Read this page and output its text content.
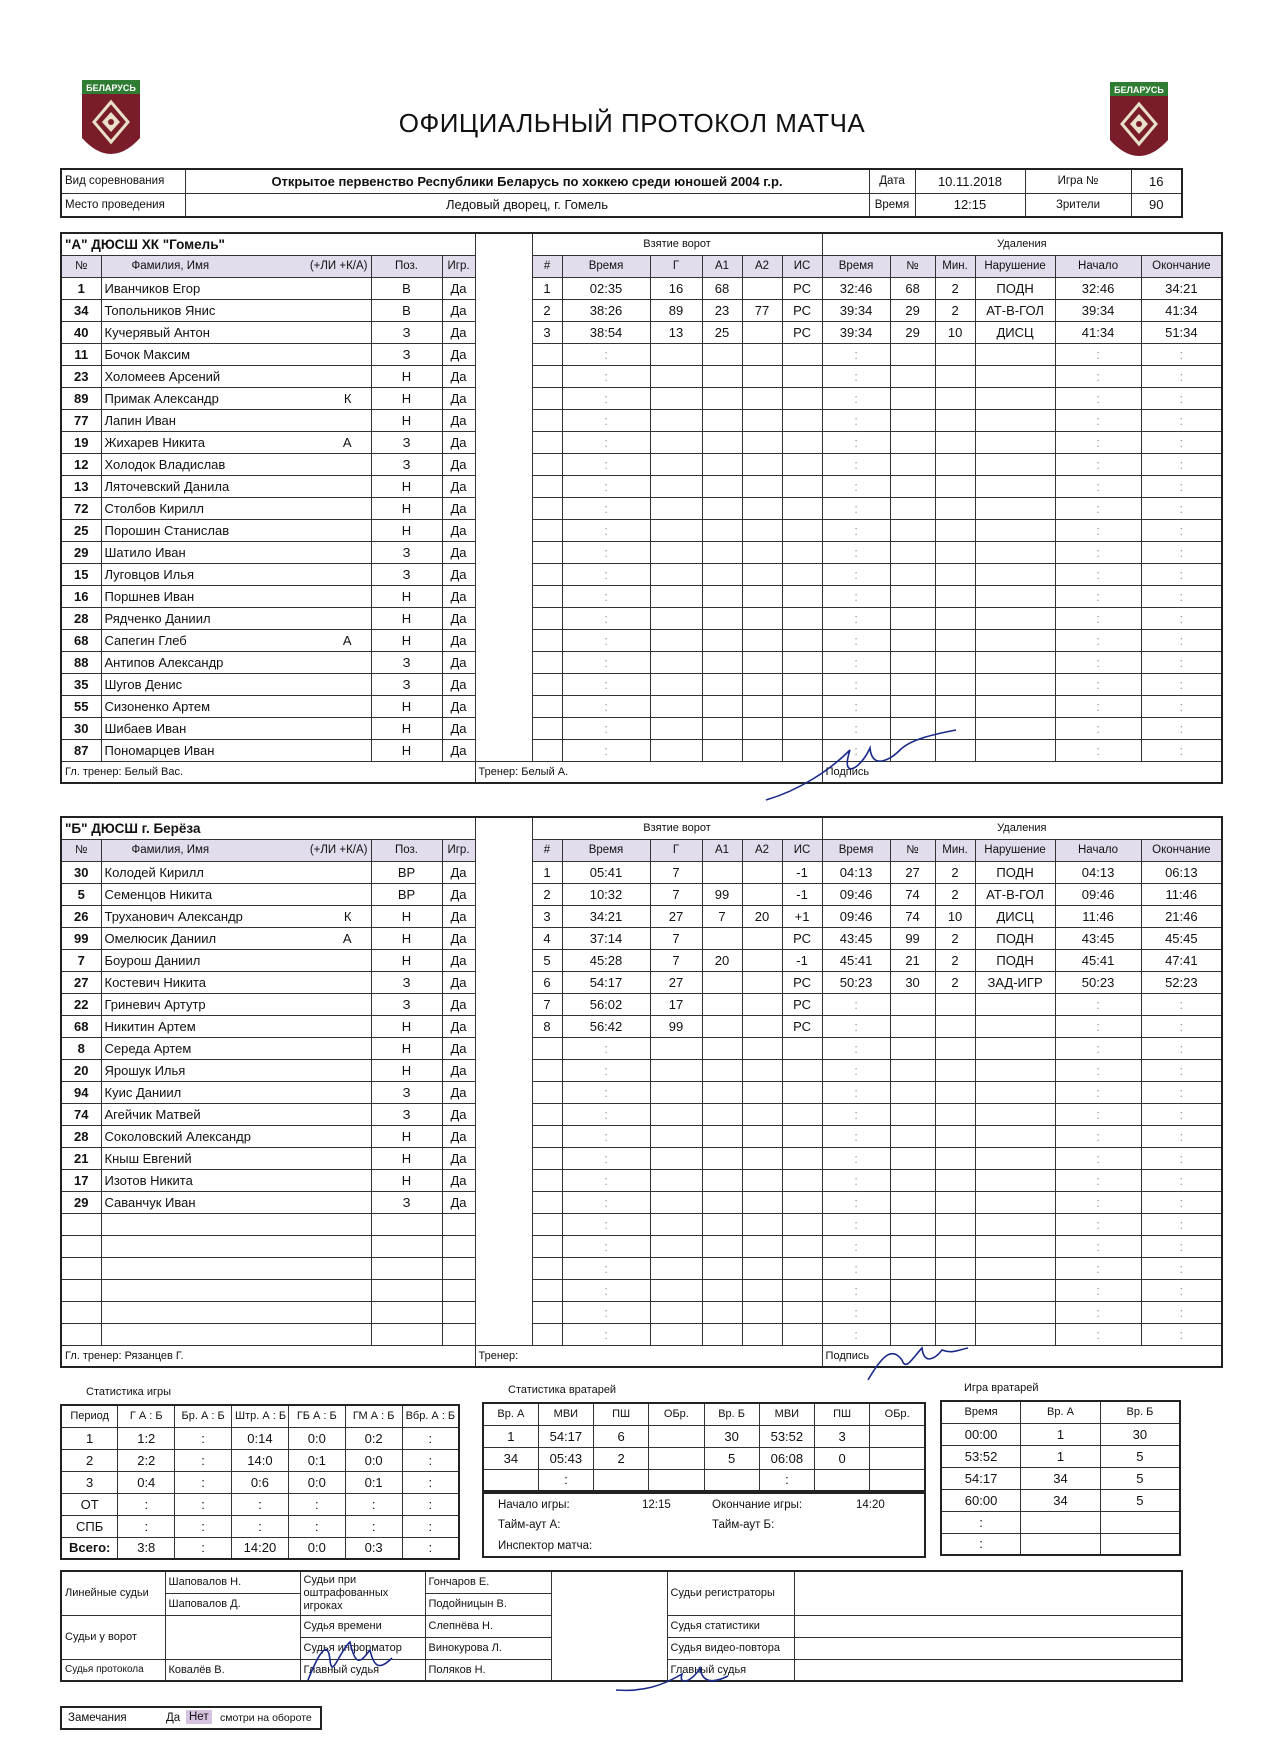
БЕЛАРУСЬ	БЕЛАРУСЬ
ОФИЦИАЛЬНЫЙ ПРОТОКОЛ МАТЧА
Вид соревнования	Открытое первенство Республики Беларусь по хоккею среди юношей 2004 г.р.	Дата	10.11.2018	Игра №	16
Место проведения	Ледовый дворец, г. Гомель	Время	12:15	Зрители	90
"А" ДЮСШ ХК "Гомель"					Взятие ворот						Удаления					
№	Фамилия, Имя (+ЛИ +К/А)	Поз.	Игр.		#	Время	Г	А1	А2	ИС	Время	№	Мин.	Нарушение	Начало	Окончание
1	Иванчиков Егор	В	Да		1	02:35	16	68		РС	32:46	68	2	ПОДН	32:46	34:21
34	Топольников Янис	В	Да		2	38:26	89	23	77	РС	39:34	29	2	АТ-В-ГОЛ	39:34	41:34
40	Кучерявый Антон	З	Да		3	38:54	13	25		РС	39:34	29	10	ДИСЦ	41:34	51:34
11	Бочок Максим	З	Да			:					:				:	:
23	Холомеев Арсений	Н	Да			:					:				:	:
89	Примак Александр К	Н	Да			:					:				:	:
77	Лапин Иван	Н	Да			:					:				:	:
19	Жихарев Никита А	З	Да			:					:				:	:
12	Холодок Владислав	З	Да			:					:				:	:
13	Ляточевский Данила	Н	Да			:					:				:	:
72	Столбов Кирилл	Н	Да			:					:				:	:
25	Порошин Станислав	Н	Да			:					:				:	:
29	Шатило Иван	З	Да			:					:				:	:
15	Луговцов Илья	З	Да			:					:				:	:
16	Поршнев Иван	Н	Да			:					:				:	:
28	Рядченко Даниил	Н	Да			:					:				:	:
68	Сапегин Глеб А	Н	Да			:					:				:	:
88	Антипов Александр	З	Да			:					:				:	:
35	Шугов Денис	З	Да			:					:				:	:
55	Сизоненко Артем	Н	Да			:					:				:	:
30	Шибаев Иван	Н	Да			:					:				:	:
87	Пономарцев Иван	Н	Да			:					:				:	:
Гл. тренер: Белый Вас.				Тренер: Белый А.							Подпись					
"Б" ДЮСШ г. Берёза					Взятие ворот						Удаления					
№	Фамилия, Имя (+ЛИ +К/А)	Поз.	Игр.		#	Время	Г	А1	А2	ИС	Время	№	Мин.	Нарушение	Начало	Окончание
30	Колодей Кирилл	ВР	Да		1	05:41	7			-1	04:13	27	2	ПОДН	04:13	06:13
5	Семенцов Никита	ВР	Да		2	10:32	7	99		-1	09:46	74	2	АТ-В-ГОЛ	09:46	11:46
26	Труханович Александр К	Н	Да		3	34:21	27	7	20	+1	09:46	74	10	ДИСЦ	11:46	21:46
99	Омелюсик Даниил А	Н	Да		4	37:14	7			РС	43:45	99	2	ПОДН	43:45	45:45
7	Боурош Даниил	Н	Да		5	45:28	7	20		-1	45:41	21	2	ПОДН	45:41	47:41
27	Костевич Никита	З	Да		6	54:17	27			РС	50:23	30	2	ЗАД-ИГР	50:23	52:23
22	Гриневич Артутр	З	Да		7	56:02	17			РС	:				:	:
68	Никитин Артем	Н	Да		8	56:42	99			РС	:				:	:
8	Середа Артем	Н	Да			:					:				:	:
20	Ярошук Илья	Н	Да			:					:				:	:
94	Куис Даниил	З	Да			:					:				:	:
74	Агейчик Матвей	З	Да			:					:				:	:
28	Соколовский Александр	Н	Да			:					:				:	:
21	Кныш Евгений	Н	Да			:					:				:	:
17	Изотов Никита	Н	Да			:					:				:	:
29	Саванчук Иван	З	Да			:					:				:	:
						:					:				:	:
						:					:				:	:
						:					:				:	:
						:					:				:	:
						:					:				:	:
						:					:				:	:
Гл. тренер: Рязанцев Г.				Тренер:							Подпись					
Статистика игры
Период	Г А : Б	Бр. А : Б	Штр. А : Б	ГБ А : Б	ГМ А : Б	Вбр. А : Б
1	1:2	:	0:14	0:0	0:2	:
2	2:2	:	14:0	0:1	0:0	:
3	0:4	:	0:6	0:0	0:1	:
ОТ	:	:	:	:	:	:
СПБ	:	:	:	:	:	:
Всего:	3:8	:	14:20	0:0	0:3	:
Статистика вратарей
Вр. А	МВИ	ПШ	ОБр.	Вр. Б	МВИ	ПШ	ОБр.
1	54:17	6		30	53:52	3	
34	05:43	2		5	06:08	0	
	:				:		
Начало игры:	12:15	Окончание игры:	14:20
Тайм-аут А:	Тайм-аут Б:
Инспектор матча:
Игра вратарей
Время	Вр. А	Вр. Б
00:00	1	30
53:52	1	5
54:17	34	5
60:00	34	5
:		
:		
Линейные судьи	Шаповалов Н.	Судьи при оштрафованных игроках	Гончаров Е.		Судьи регистраторы	
	Шаповалов Д.		Подойницын В.			
Судьи у ворот		Судья времени	Слепнёва Н.		Судья статистики	
		Судья информатор	Винокурова Л.		Судья видео-повтора	
Судья протокола	Ковалёв В.	Главный судья	Поляков Н.		Главный судья	
Замечания	Да Нет смотри на обороте
